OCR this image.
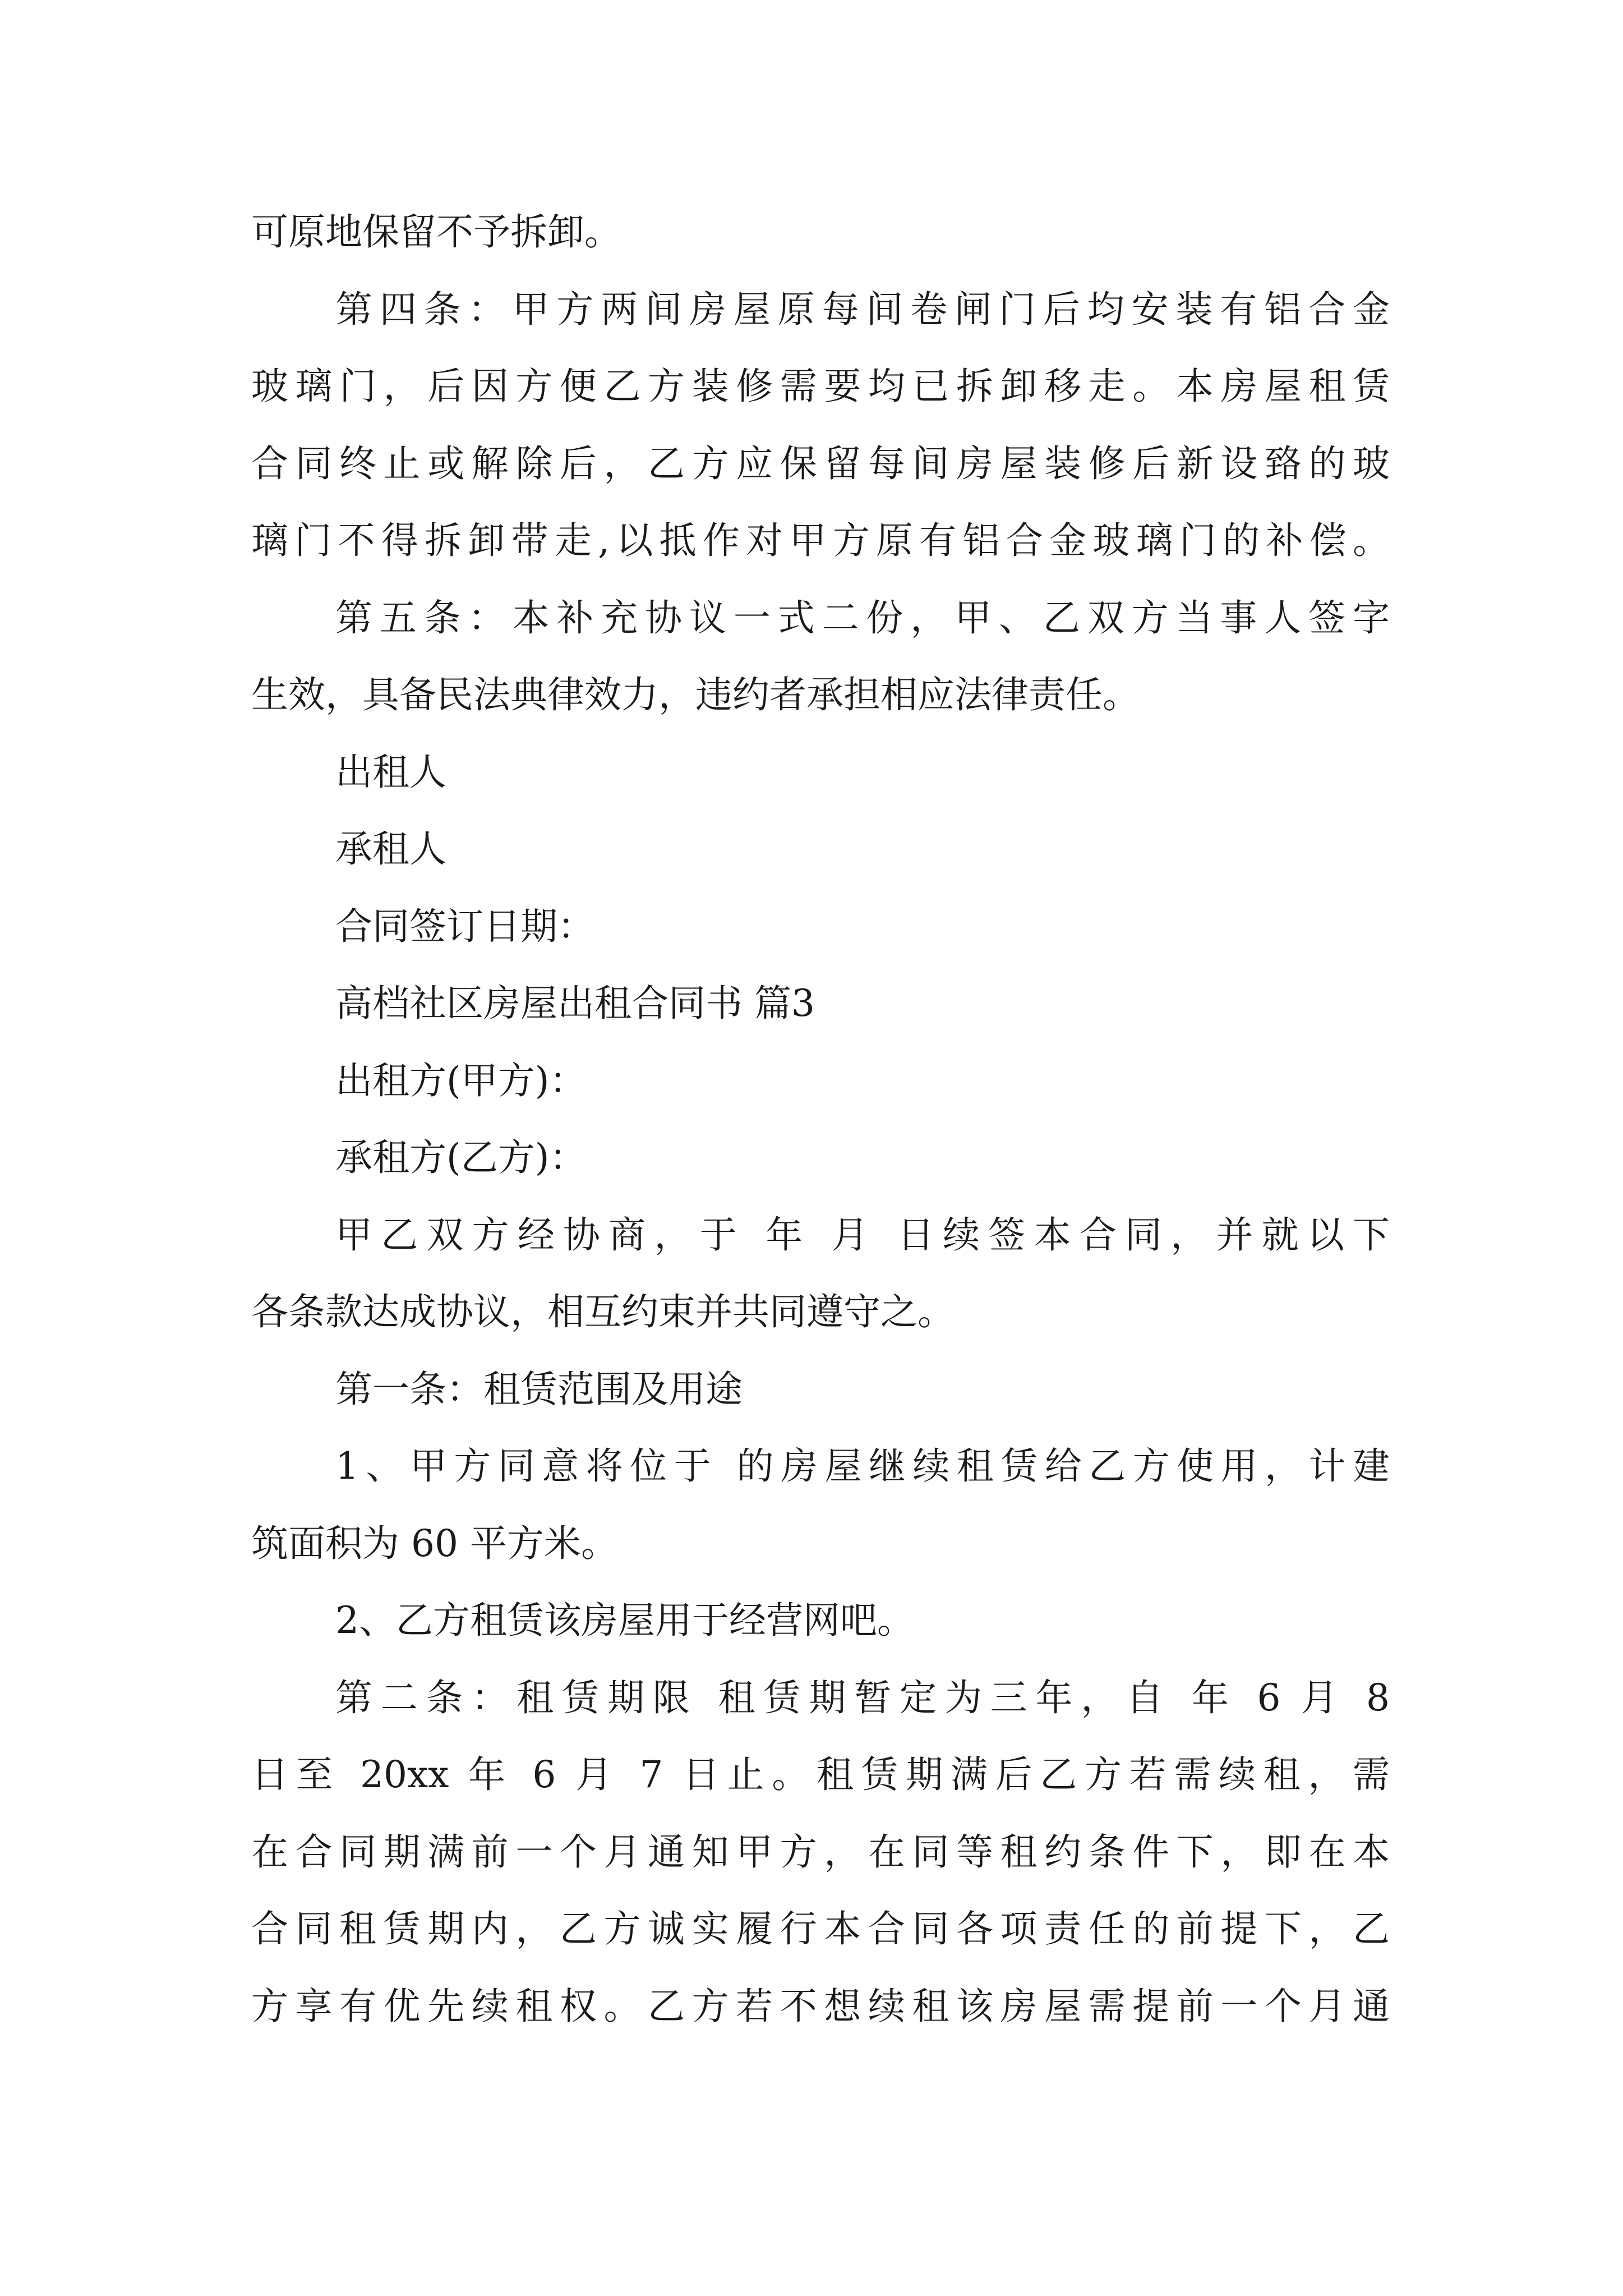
可原地保留不予拆卸。
第四条：甲方两间房屋原每间卷闸门后均安装有铝合金
玻璃门，后因方便乙方装修需要均已拆卸移走。本房屋租赁
合同终止或解除后，乙方应保留每间房屋装修后新设臵的玻
璃门不得拆卸带走,以抵作对甲方原有铝合金玻璃门的补偿。
第五条：本补充协议一式二份，甲、乙双方当事人签字
生效，具备民法典律效力，违约者承担相应法律责任。
出租人
承租人
合同签订日期：
高档社区房屋出租合同书 篇3
出租方(甲方)：
承租方(乙方)：
甲乙双方经协商，于 年 月 日续签本合同，并就以下
各条款达成协议，相互约束并共同遵守之。
第一条：租赁范围及用途
1、甲方同意将位于 的房屋继续租赁给乙方使用，计建
筑面积为 60 平方米。
2、乙方租赁该房屋用于经营网吧。
第二条：租赁期限 租赁期暂定为三年，自 年 6 月 8
日至 20xx 年 6 月 7 日止。租赁期满后乙方若需续租，需
在合同期满前一个月通知甲方，在同等租约条件下，即在本
合同租赁期内，乙方诚实履行本合同各项责任的前提下，乙
方享有优先续租权。乙方若不想续租该房屋需提前一个月通
